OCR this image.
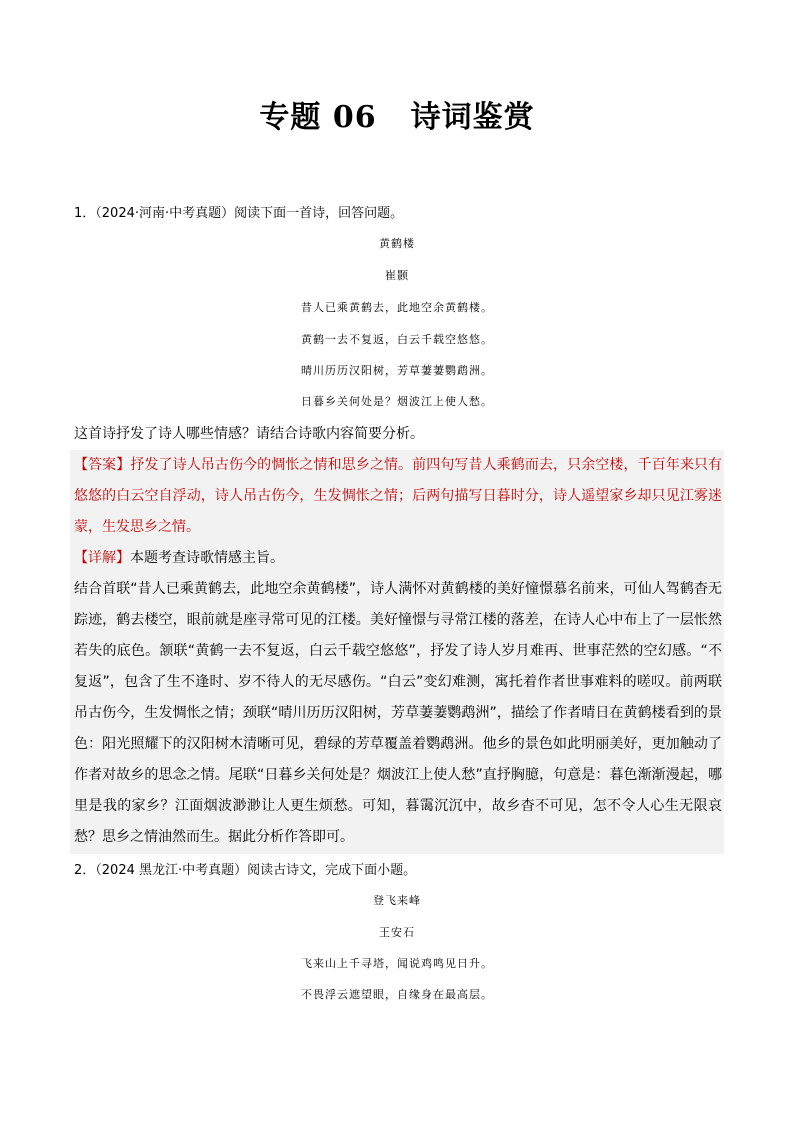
专题 06 诗词鉴赏
1．（2024·河南·中考真题）阅读下面一首诗，回答问题。
黄鹤楼
崔颢
昔人已乘黄鹤去，此地空余黄鹤楼。
黄鹤一去不复返，白云千载空悠悠。
晴川历历汉阳树，芳草萋萋鹦鹉洲。
日暮乡关何处是？烟波江上使人愁。
这首诗抒发了诗人哪些情感？请结合诗歌内容简要分析。
【答案】抒发了诗人吊古伤今的惆怅之情和思乡之情。前四句写昔人乘鹤而去，只余空楼，千百年来只有悠悠的白云空自浮动，诗人吊古伤今，生发惆怅之情；后两句描写日暮时分，诗人遥望家乡却只见江雾迷蒙，生发思乡之情。
【详解】本题考查诗歌情感主旨。
结合首联“昔人已乘黄鹤去，此地空余黄鹤楼”，诗人满怀对黄鹤楼的美好憧憬慕名前来，可仙人驾鹤杳无踪迹，鹤去楼空，眼前就是座寻常可见的江楼。美好憧憬与寻常江楼的落差，在诗人心中布上了一层怅然若失的底色。颔联“黄鹤一去不复返，白云千载空悠悠”，抒发了诗人岁月难再、世事茫然的空幻感。“不复返”，包含了生不逢时、岁不待人的无尽感伤。“白云”变幻难测，寓托着作者世事难料的嗟叹。前两联吊古伤今，生发惆怅之情；颈联“晴川历历汉阳树，芳草萋萋鹦鹉洲”，描绘了作者晴日在黄鹤楼看到的景色：阳光照耀下的汉阳树木清晰可见，碧绿的芳草覆盖着鹦鹉洲。他乡的景色如此明丽美好，更加触动了作者对故乡的思念之情。尾联“日暮乡关何处是？烟波江上使人愁”直抒胸臆，句意是：暮色渐渐漫起，哪里是我的家乡？江面烟波渺渺让人更生烦愁。可知，暮霭沉沉中，故乡杳不可见，怎不令人心生无限哀愁？思乡之情油然而生。据此分析作答即可。
2．（2024 黑龙江·中考真题）阅读古诗文，完成下面小题。
登飞来峰
王安石
飞来山上千寻塔，闻说鸡鸣见日升。
不畏浮云遮望眼，自缘身在最高层。
